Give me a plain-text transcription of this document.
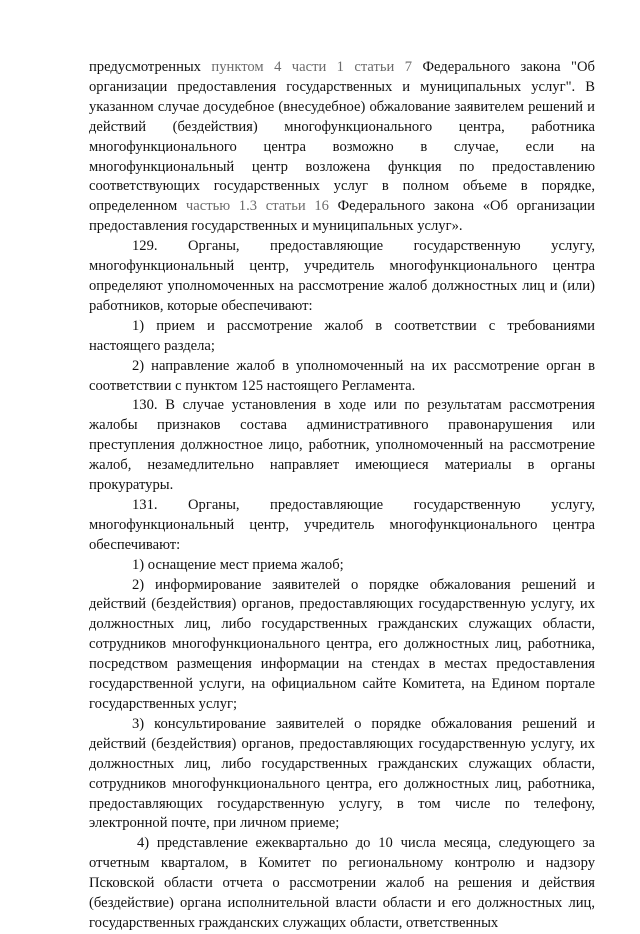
предусмотренных пунктом 4 части 1 статьи 7 Федерального закона "Об организации предоставления государственных и муниципальных услуг". В указанном случае досудебное (внесудебное) обжалование заявителем решений и действий (бездействия) многофункционального центра, работника многофункционального центра возможно в случае, если на многофункциональный центр возложена функция по предоставлению соответствующих государственных услуг в полном объеме в порядке, определенном частью 1.3 статьи 16 Федерального закона «Об организации предоставления государственных и муниципальных услуг».

129. Органы, предоставляющие государственную услугу, многофункциональный центр, учредитель многофункционального центра определяют уполномоченных на рассмотрение жалоб должностных лиц и (или) работников, которые обеспечивают:

1) прием и рассмотрение жалоб в соответствии с требованиями настоящего раздела;

2) направление жалоб в уполномоченный на их рассмотрение орган в соответствии с пунктом 125 настоящего Регламента.

130. В случае установления в ходе или по результатам рассмотрения жалобы признаков состава административного правонарушения или преступления должностное лицо, работник, уполномоченный на рассмотрение жалоб, незамедлительно направляет имеющиеся материалы в органы прокуратуры.

131. Органы, предоставляющие государственную услугу, многофункциональный центр, учредитель многофункционального центра обеспечивают:

1) оснащение мест приема жалоб;

2) информирование заявителей о порядке обжалования решений и действий (бездействия) органов, предоставляющих государственную услугу, их должностных лиц, либо государственных гражданских служащих области, сотрудников многофункционального центра, его должностных лиц, работника, посредством размещения информации на стендах в местах предоставления государственной услуги, на официальном сайте Комитета, на Едином портале государственных услуг;

3) консультирование заявителей о порядке обжалования решений и действий (бездействия) органов, предоставляющих государственную услугу, их должностных лиц, либо государственных гражданских служащих области, сотрудников многофункционального центра, его должностных лиц, работника, предоставляющих государственную услугу, в том числе по телефону, электронной почте, при личном приеме;

4) представление ежеквартально до 10 числа месяца, следующего за отчетным кварталом, в Комитет по региональному контролю и надзору Псковской области отчета о рассмотрении жалоб на решения и действия (бездействие) органа исполнительной власти области и его должностных лиц, государственных гражданских служащих области, ответственных
